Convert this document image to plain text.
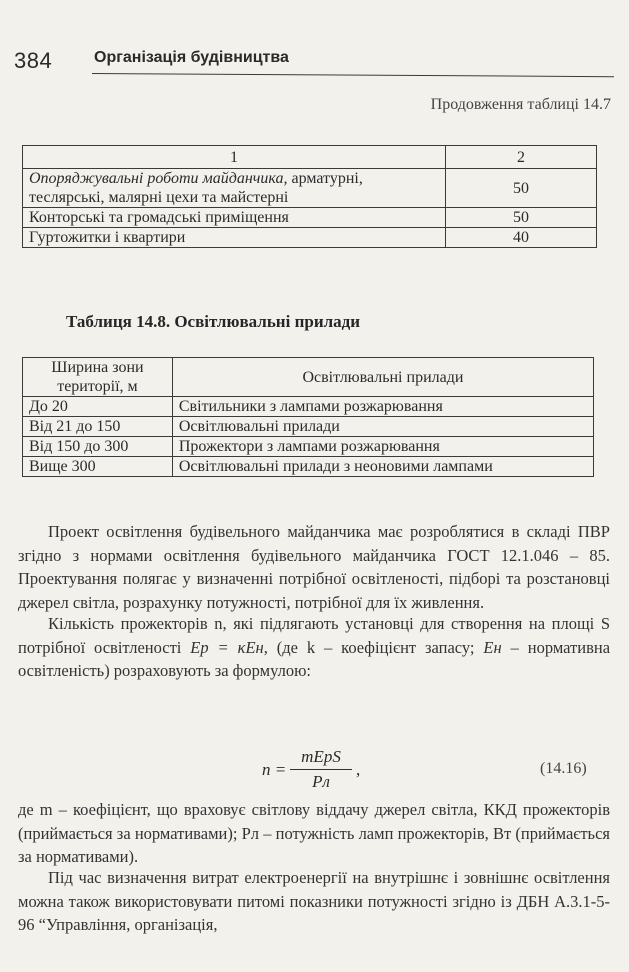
384	Організація будівництва
Продовження таблиці 14.7
1	2
Опоряджувальні роботи майданчика, арматурні, теслярські, малярні цехи та майстерні	50
Конторські та громадські приміщення	50
Гуртожитки і квартири	40
Таблиця 14.8. Освітлювальні прилади
Ширина зони території, м	Освітлювальні прилади
До 20	Світильники з лампами розжарювання
Від 21 до 150	Освітлювальні прилади
Від 150 до 300	Прожектори з лампами розжарювання
Вище 300	Освітлювальні прилади з неоновими лампами

Проект освітлення будівельного майданчика має розроблятися в складі ПВР згідно з нормами освітлення будівельного майданчика ГОСТ 12.1.046 – 85. Проектування полягає у визначенні потрібної освітленості, підборі та розстановці джерел світла, розрахунку потужності, потрібної для їх живлення.

Кількість прожекторів n, які підлягають установці для створення на площі S потрібної освітленості Eр = κEн, (де k – коефіцієнт запасу; Eн – нормативна освітленість) розраховують за формулою:

n =
mEрS
Pл
,	(14.16)

де m – коефіцієнт, що враховує світлову віддачу джерел світла, ККД прожекторів (приймається за нормативами); Pл – потужність ламп прожекторів, Вт (приймається за нормативами).

Під час визначення витрат електроенергії на внутрішнє і зовнішнє освітлення можна також використовувати питомі показники потужності згідно із ДБН А.3.1-5-96 “Управління, організація,
